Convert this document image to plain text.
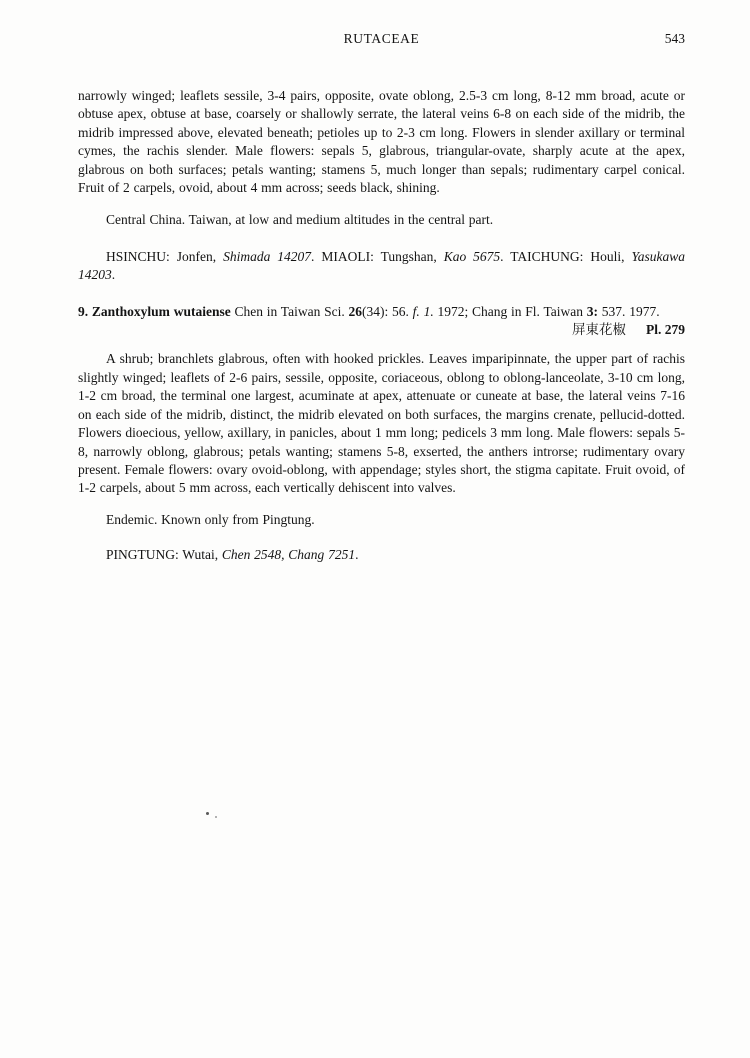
RUTACEAE	543

narrowly winged; leaflets sessile, 3-4 pairs, opposite, ovate oblong, 2.5-3 cm long, 8-12 mm broad, acute or obtuse apex, obtuse at base, coarsely or shallowly serrate, the lateral veins 6-8 on each side of the midrib, the midrib impressed above, elevated beneath; petioles up to 2-3 cm long. Flowers in slender axillary or terminal cymes, the rachis slender. Male flowers: sepals 5, glabrous, triangular-ovate, sharply acute at the apex, glabrous on both surfaces; petals wanting; stamens 5, much longer than sepals; rudimentary carpel conical. Fruit of 2 carpels, ovoid, about 4 mm across; seeds black, shining.

Central China. Taiwan, at low and medium altitudes in the central part.

HSINCHU: Jonfen, Shimada 14207. MIAOLI: Tungshan, Kao 5675. TAICHUNG: Houli, Yasukawa 14203.

9. Zanthoxylum wutaiense Chen in Taiwan Sci. 26(34): 56. f. 1. 1972; Chang in Fl. Taiwan 3: 537. 1977.

屏東花椒 Pl. 279

A shrub; branchlets glabrous, often with hooked prickles. Leaves imparipinnate, the upper part of rachis slightly winged; leaflets of 2-6 pairs, sessile, opposite, coriaceous, oblong to oblong-lanceolate, 3-10 cm long, 1-2 cm broad, the terminal one largest, acuminate at apex, attenuate or cuneate at base, the lateral veins 7-16 on each side of the midrib, distinct, the midrib elevated on both surfaces, the margins crenate, pellucid-dotted. Flowers dioecious, yellow, axillary, in panicles, about 1 mm long; pedicels 3 mm long. Male flowers: sepals 5-8, narrowly oblong, glabrous; petals wanting; stamens 5-8, exserted, the anthers introrse; rudimentary ovary present. Female flowers: ovary ovoid-oblong, with appendage; styles short, the stigma capitate. Fruit ovoid, of 1-2 carpels, about 5 mm across, each vertically dehiscent into valves.

Endemic. Known only from Pingtung.

PINGTUNG: Wutai, Chen 2548, Chang 7251.
